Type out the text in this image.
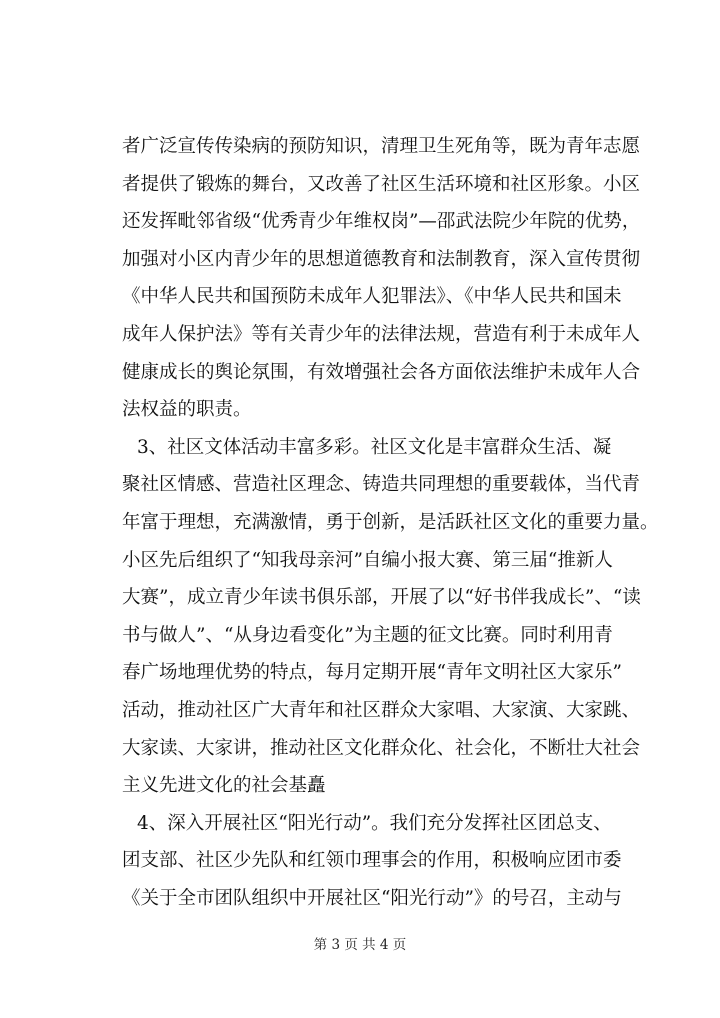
者广泛宣传传染病的预防知识，清理卫生死角等，既为青年志愿
者提供了锻炼的舞台，又改善了社区生活环境和社区形象。小区
还发挥毗邻省级“优秀青少年维权岗”—邵武法院少年院的优势，
加强对小区内青少年的思想道德教育和法制教育，深入宣传贯彻
《中华人民共和国预防未成年人犯罪法》、《中华人民共和国未
成年人保护法》等有关青少年的法律法规，营造有利于未成年人
健康成长的舆论氛围，有效增强社会各方面依法维护未成年人合
法权益的职责。
3、社区文体活动丰富多彩。社区文化是丰富群众生活、凝
聚社区情感、营造社区理念、铸造共同理想的重要载体，当代青
年富于理想，充满激情，勇于创新，是活跃社区文化的重要力量。
小区先后组织了“知我母亲河”自编小报大赛、第三届“推新人
大赛”，成立青少年读书俱乐部，开展了以“好书伴我成长”、“读
书与做人”、“从身边看变化”为主题的征文比赛。同时利用青
春广场地理优势的特点，每月定期开展“青年文明社区大家乐”
活动，推动社区广大青年和社区群众大家唱、大家演、大家跳、
大家读、大家讲，推动社区文化群众化、社会化，不断壮大社会
主义先进文化的社会基矗
4、深入开展社区“阳光行动”。我们充分发挥社区团总支、
团支部、社区少先队和红领巾理事会的作用，积极响应团市委
《关于全市团队组织中开展社区“阳光行动”》的号召，主动与
第 3 页 共 4 页
